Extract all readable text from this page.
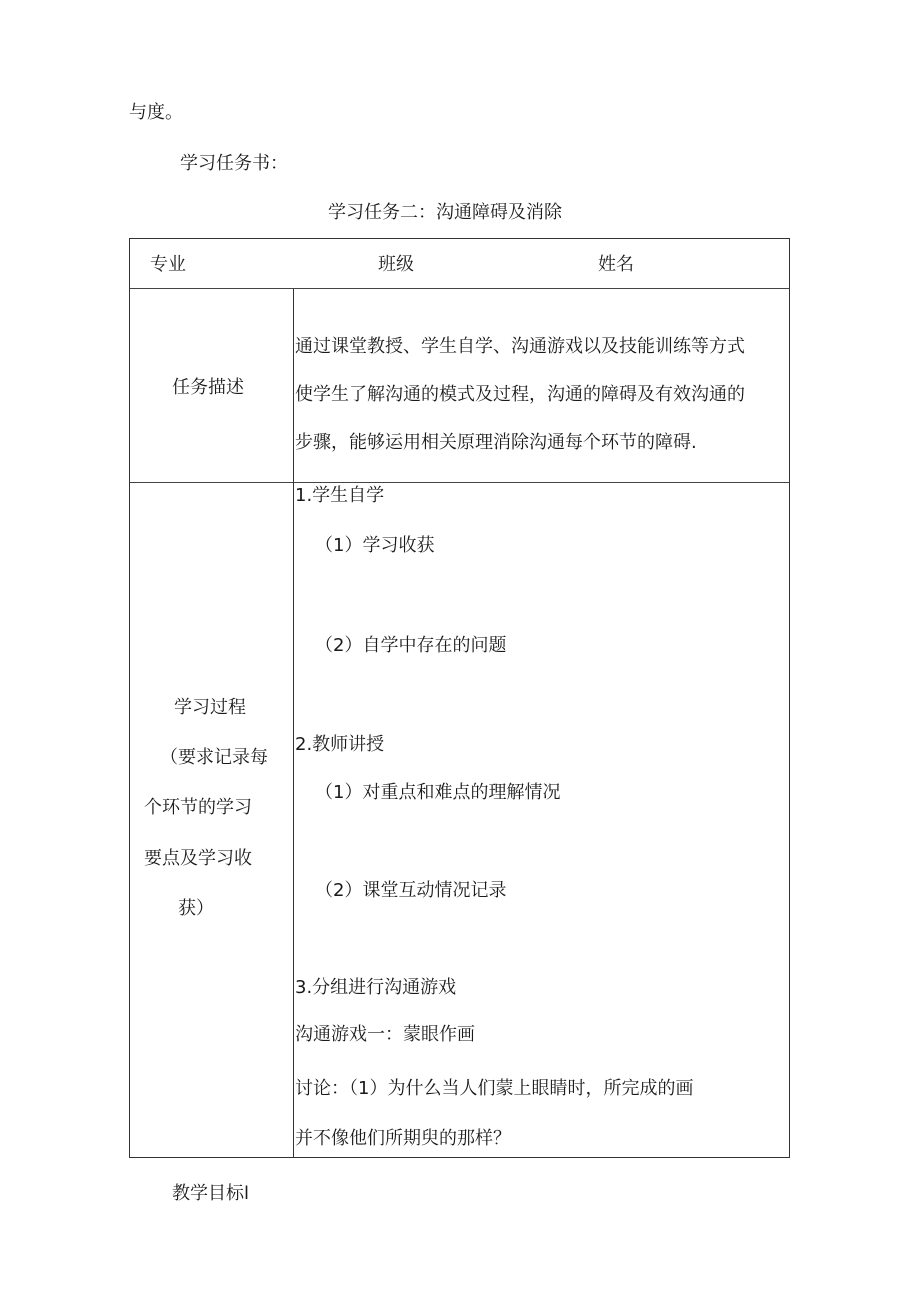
与度。
学习任务书：
学习任务二：沟通障碍及消除
专业	班级	姓名
任务描述
通过课堂教授、学生自学、沟通游戏以及技能训练等方式
使学生了解沟通的模式及过程，沟通的障碍及有效沟通的
步骤，能够运用相关原理消除沟通每个环节的障碍.
学习过程
（要求记录每
个环节的学习
要点及学习收
获）
1.学生自学
（1）学习收获
（2）自学中存在的问题
2.教师讲授
（1）对重点和难点的理解情况
（2）课堂互动情况记录
3.分组进行沟通游戏
沟通游戏一：蒙眼作画
讨论：（1）为什么当人们蒙上眼睛时，所完成的画
并不像他们所期臾的那样？
教学目标l
